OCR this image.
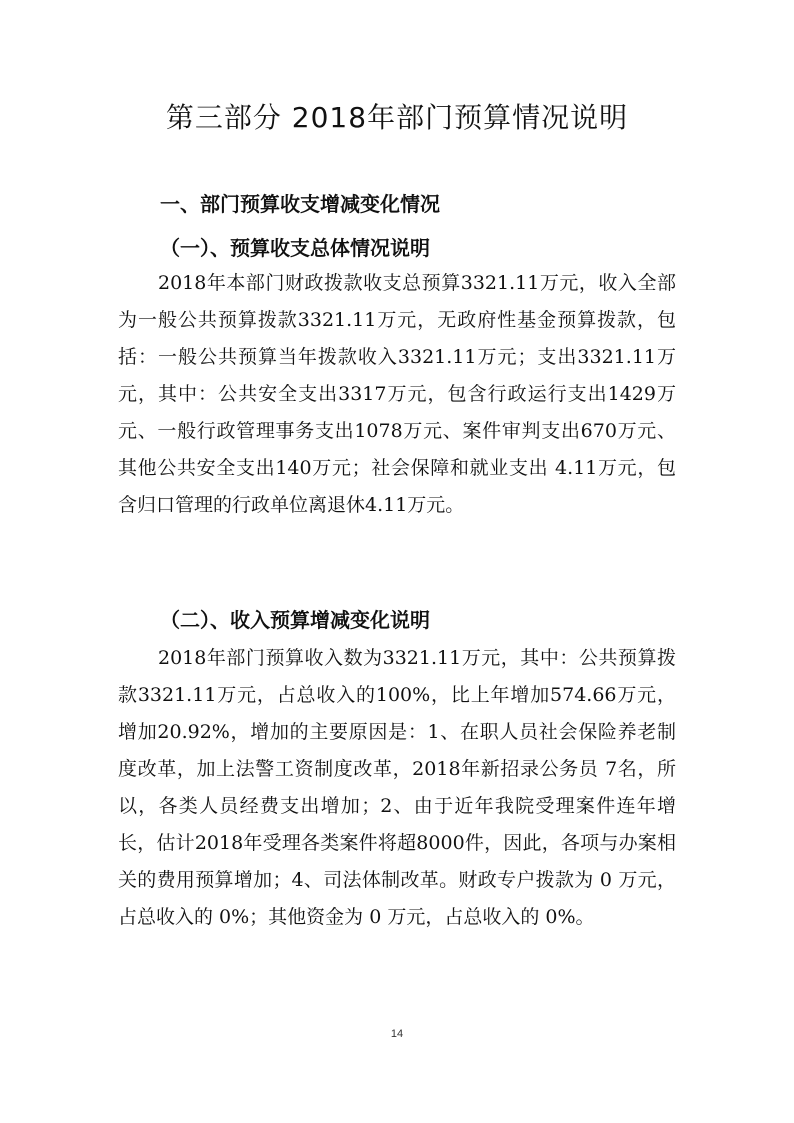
第三部分 2018年部门预算情况说明
一、部门预算收支增减变化情况
（一）、预算收支总体情况说明

2018年本部门财政拨款收支总预算3321.11万元，收入全部为一般公共预算拨款3321.11万元，无政府性基金预算拨款，包括：一般公共预算当年拨款收入3321.11万元；支出3321.11万元，其中：公共安全支出3317万元，包含行政运行支出1429万元、一般行政管理事务支出1078万元、案件审判支出670万元、其他公共安全支出140万元；社会保障和就业支出 4.11万元，包含归口管理的行政单位离退休4.11万元。

（二）、收入预算增减变化说明

2018年部门预算收入数为3321.11万元，其中：公共预算拨款3321.11万元，占总收入的100%，比上年增加574.66万元，增加20.92%，增加的主要原因是：1、在职人员社会保险养老制度改革，加上法警工资制度改革，2018年新招录公务员 7名，所以，各类人员经费支出增加；2、由于近年我院受理案件连年增长，估计2018年受理各类案件将超8000件，因此，各项与办案相关的费用预算增加；4、司法体制改革。财政专户拨款为 0 万元，占总收入的 0%；其他资金为 0 万元，占总收入的 0%。

14
